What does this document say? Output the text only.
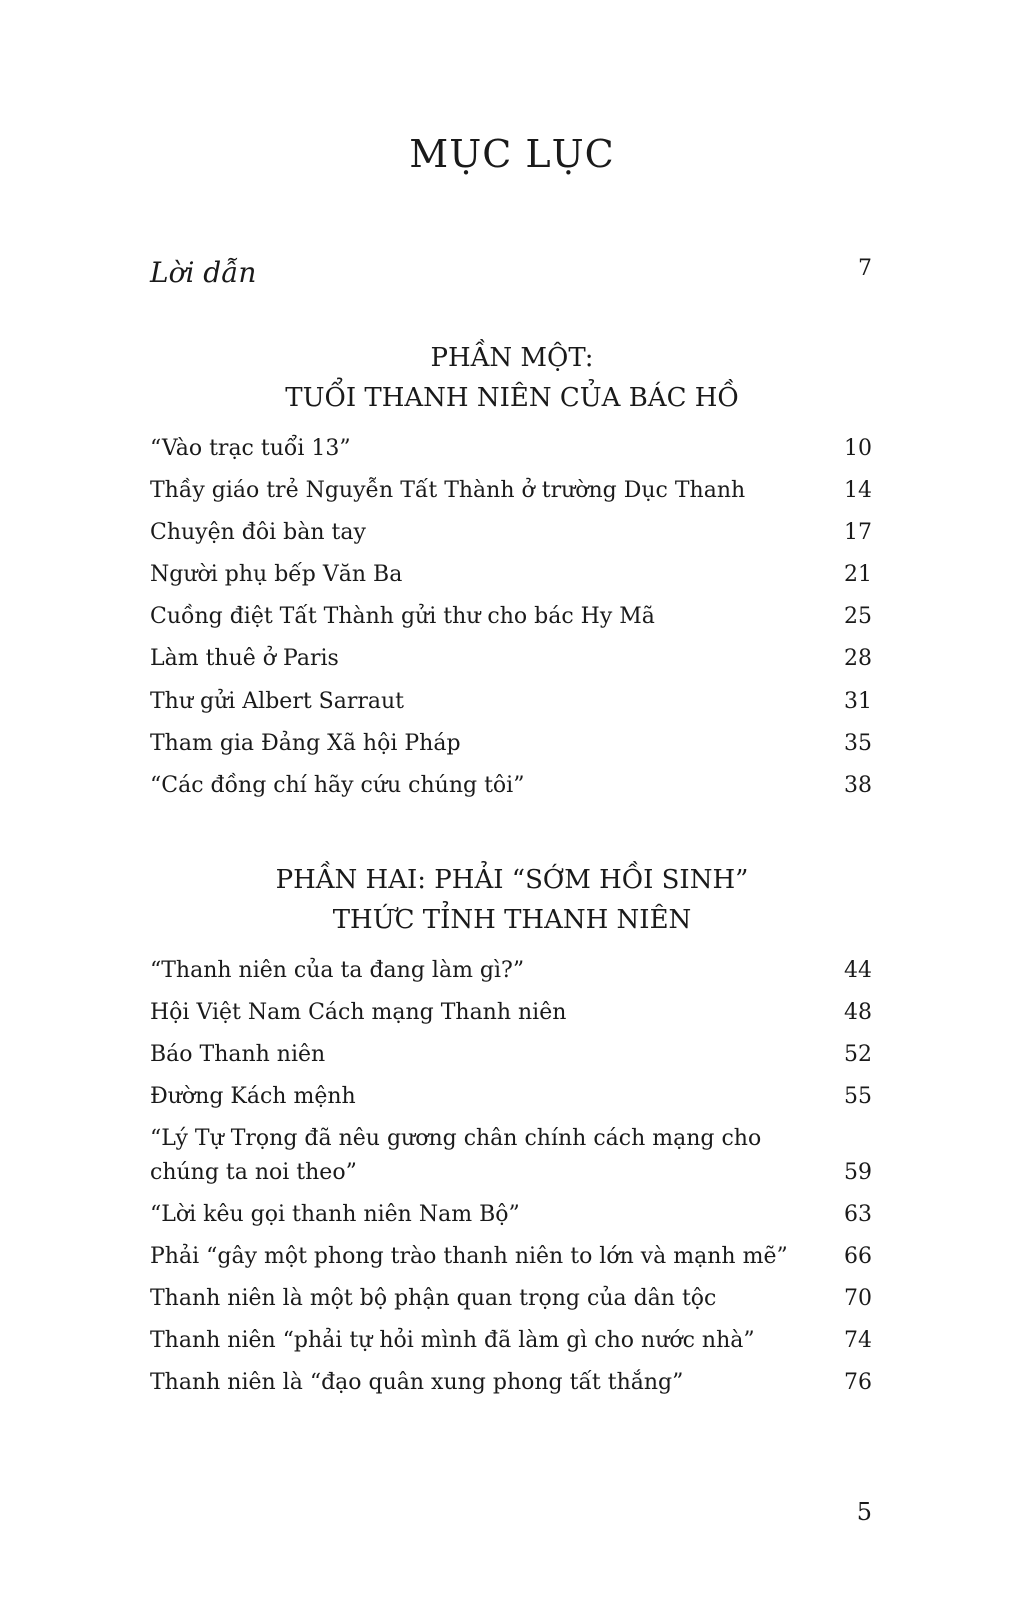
MỤC LỤC
Lời dẫn	7
PHẦN MỘT:
TUỔI THANH NIÊN CỦA BÁC HỒ
“Vào trạc tuổi 13”	10
Thầy giáo trẻ Nguyễn Tất Thành ở trường Dục Thanh	14
Chuyện đôi bàn tay	17
Người phụ bếp Văn Ba	21
Cuồng điệt Tất Thành gửi thư cho bác Hy Mã	25
Làm thuê ở Paris	28
Thư gửi Albert Sarraut	31
Tham gia Đảng Xã hội Pháp	35
“Các đồng chí hãy cứu chúng tôi”	38
PHẦN HAI: PHẢI “SỚM HỒI SINH”
THỨC TỈNH THANH NIÊN
“Thanh niên của ta đang làm gì?”	44
Hội Việt Nam Cách mạng Thanh niên	48
Báo Thanh niên	52
Đường Kách mệnh	55
“Lý Tự Trọng đã nêu gương chân chính cách mạng cho
chúng ta noi theo”	59
“Lời kêu gọi thanh niên Nam Bộ”	63
Phải “gây một phong trào thanh niên to lớn và mạnh mẽ”	66
Thanh niên là một bộ phận quan trọng của dân tộc	70
Thanh niên “phải tự hỏi mình đã làm gì cho nước nhà”	74
Thanh niên là “đạo quân xung phong tất thắng”	76
5
